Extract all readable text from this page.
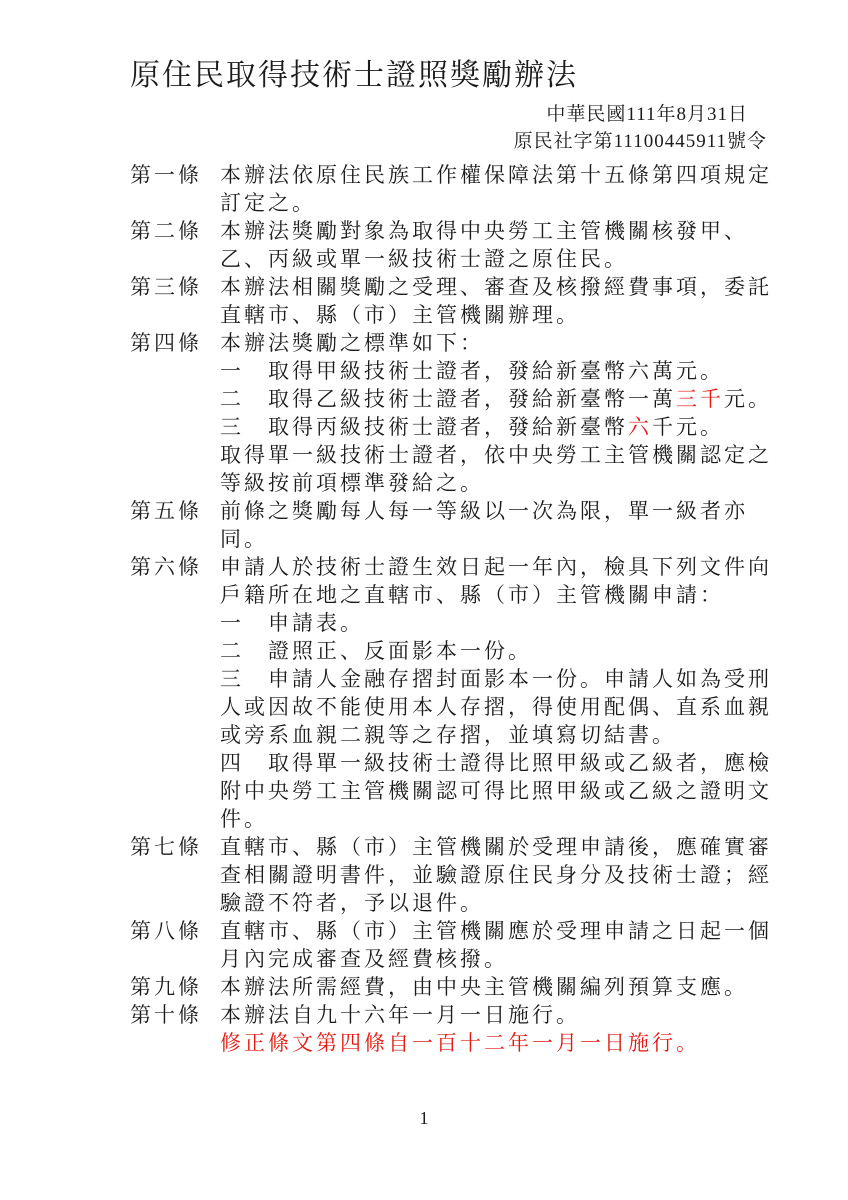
原住民取得技術士證照獎勵辦法
中華民國111年8月31日
原民社字第11100445911號令
第一條 本辦法依原住民族工作權保障法第十五條第四項規定
訂定之。
第二條 本辦法獎勵對象為取得中央勞工主管機關核發甲、
乙、丙級或單一級技術士證之原住民。
第三條 本辦法相關獎勵之受理、審查及核撥經費事項，委託
直轄市、縣（市）主管機關辦理。
第四條 本辦法獎勵之標準如下：
一　取得甲級技術士證者，發給新臺幣六萬元。
二　取得乙級技術士證者，發給新臺幣一萬三千元。
三　取得丙級技術士證者，發給新臺幣六千元。
取得單一級技術士證者，依中央勞工主管機關認定之
等級按前項標準發給之。
第五條 前條之獎勵每人每一等級以一次為限，單一級者亦
同。
第六條 申請人於技術士證生效日起一年內，檢具下列文件向
戶籍所在地之直轄市、縣（市）主管機關申請：
一　申請表。
二　證照正、反面影本一份。
三　申請人金融存摺封面影本一份。申請人如為受刑
人或因故不能使用本人存摺，得使用配偶、直系血親
或旁系血親二親等之存摺，並填寫切結書。
四　取得單一級技術士證得比照甲級或乙級者，應檢
附中央勞工主管機關認可得比照甲級或乙級之證明文
件。
第七條 直轄市、縣（市）主管機關於受理申請後，應確實審
查相關證明書件，並驗證原住民身分及技術士證；經
驗證不符者，予以退件。
第八條 直轄市、縣（市）主管機關應於受理申請之日起一個
月內完成審查及經費核撥。
第九條 本辦法所需經費，由中央主管機關編列預算支應。
第十條 本辦法自九十六年一月一日施行。
修正條文第四條自一百十二年一月一日施行。
1
